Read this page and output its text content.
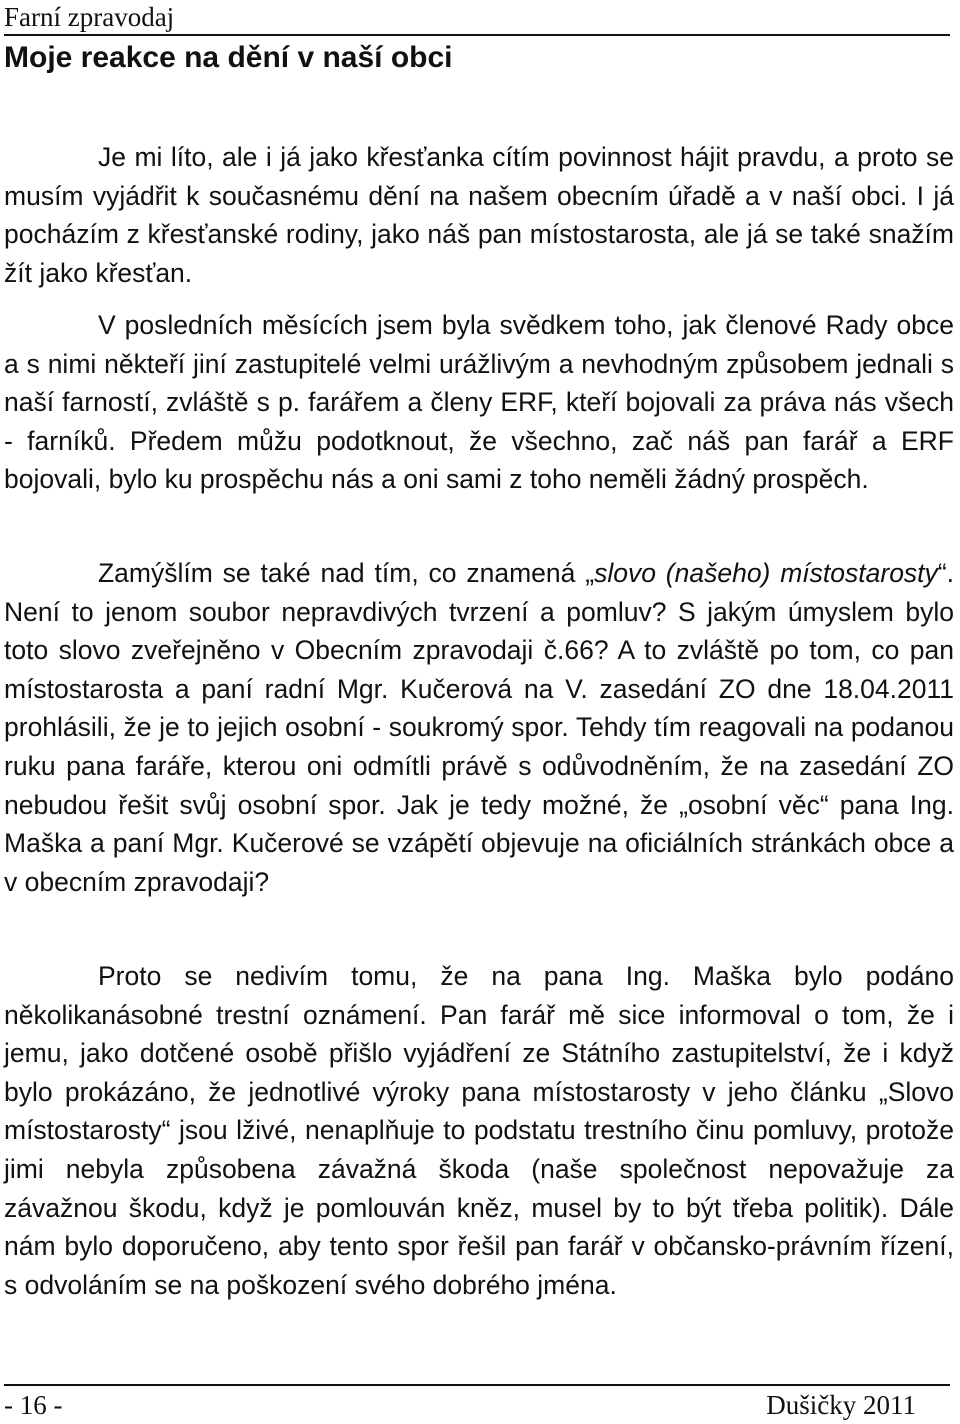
Farní zpravodaj
Moje reakce na dění v naší obci

Je mi líto, ale i já jako křesťanka cítím povinnost hájit pravdu, a proto se musím vyjádřit k současnému dění na našem obecním úřadě a v naší obci. I já pocházím z křesťanské rodiny, jako náš pan místostarosta, ale já se také snažím žít jako křesťan.

V posledních měsících jsem byla svědkem toho, jak členové Rady obce a s nimi někteří jiní zastupitelé velmi urážlivým a nevhodným způsobem jednali s naší farností, zvláště s p. farářem a členy ERF, kteří bojovali za práva nás všech - farníků. Předem můžu podotknout, že všechno, zač náš pan farář a ERF bojovali, bylo ku prospěchu nás a oni sami z toho neměli žádný prospěch.

Zamýšlím se také nad tím, co znamená „slovo (našeho) místostarosty“. Není to jenom soubor nepravdivých tvrzení a pomluv? S jakým úmyslem bylo toto slovo zveřejněno v Obecním zpravodaji č.66? A to zvláště po tom, co pan místostarosta a paní radní Mgr. Kučerová na V. zasedání ZO dne 18.04.2011 prohlásili, že je to jejich osobní - soukromý spor. Tehdy tím reagovali na podanou ruku pana faráře, kterou oni odmítli právě s odůvodněním, že na zasedání ZO nebudou řešit svůj osobní spor. Jak je tedy možné, že „osobní věc“ pana Ing. Maška a paní Mgr. Kučerové se vzápětí objevuje na oficiálních stránkách obce a v obecním zpravodaji?

Proto se nedivím tomu, že na pana Ing. Maška bylo podáno několikanásobné trestní oznámení. Pan farář mě sice informoval o tom, že i jemu, jako dotčené osobě přišlo vyjádření ze Státního zastupitelství, že i když bylo prokázáno, že jednotlivé výroky pana místostarosty v jeho článku „Slovo místostarosty“ jsou lživé, nenaplňuje to podstatu trestního činu pomluvy, protože jimi nebyla způsobena závažná škoda (naše společnost nepovažuje za závažnou škodu, když je pomlouván kněz, musel by to být třeba politik). Dále nám bylo doporučeno, aby tento spor řešil pan farář v občansko-právním řízení, s odvoláním se na poškození svého dobrého jména.

- 16 -	Dušičky 2011
